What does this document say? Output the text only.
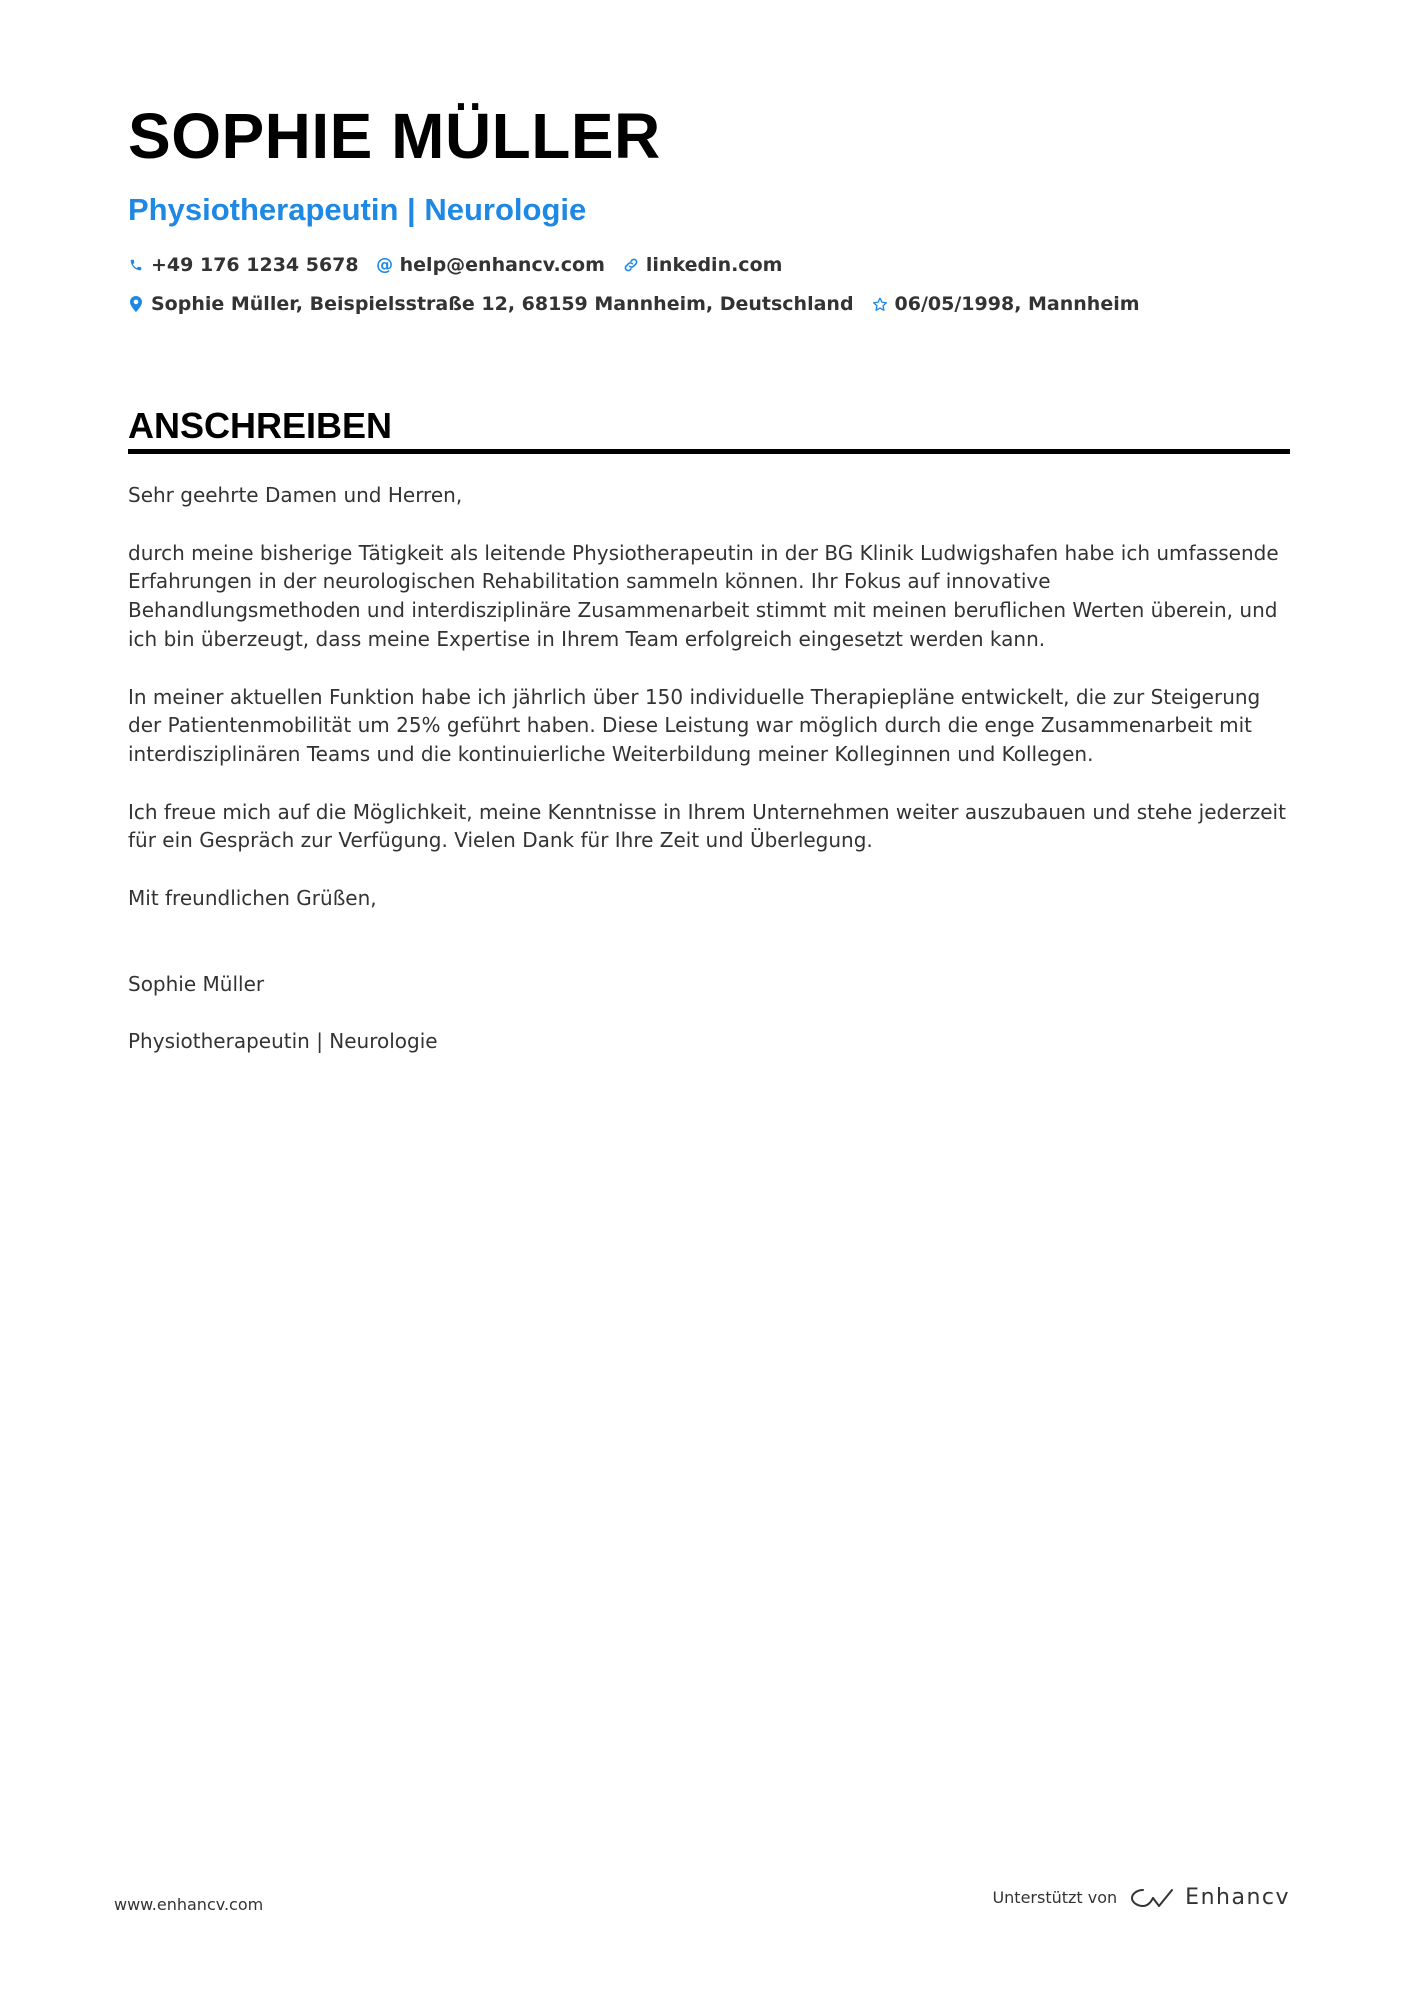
SOPHIE MÜLLER
Physiotherapeutin | Neurologie
+49 176 1234 5678 @ help@enhancv.com linkedin.com
Sophie Müller, Beispielsstraße 12, 68159 Mannheim, Deutschland 06/05/1998, Mannheim
ANSCHREIBEN

Sehr geehrte Damen und Herren,

durch meine bisherige Tätigkeit als leitende Physiotherapeutin in der BG Klinik Ludwigshafen habe ich umfassende Erfahrungen in der neurologischen Rehabilitation sammeln können. Ihr Fokus auf innovative Behandlungsmethoden und interdisziplinäre Zusammenarbeit stimmt mit meinen beruflichen Werten überein, und ich bin überzeugt, dass meine Expertise in Ihrem Team erfolgreich eingesetzt werden kann.

In meiner aktuellen Funktion habe ich jährlich über 150 individuelle Therapiepläne entwickelt, die zur Steigerung der Patientenmobilität um 25% geführt haben. Diese Leistung war möglich durch die enge Zusammenarbeit mit interdisziplinären Teams und die kontinuierliche Weiterbildung meiner Kolleginnen und Kollegen.

Ich freue mich auf die Möglichkeit, meine Kenntnisse in Ihrem Unternehmen weiter auszubauen und stehe jederzeit für ein Gespräch zur Verfügung. Vielen Dank für Ihre Zeit und Überlegung.

Mit freundlichen Grüßen,

Sophie Müller

Physiotherapeutin | Neurologie

www.enhancv.com	Unterstützt von	Enhancv
